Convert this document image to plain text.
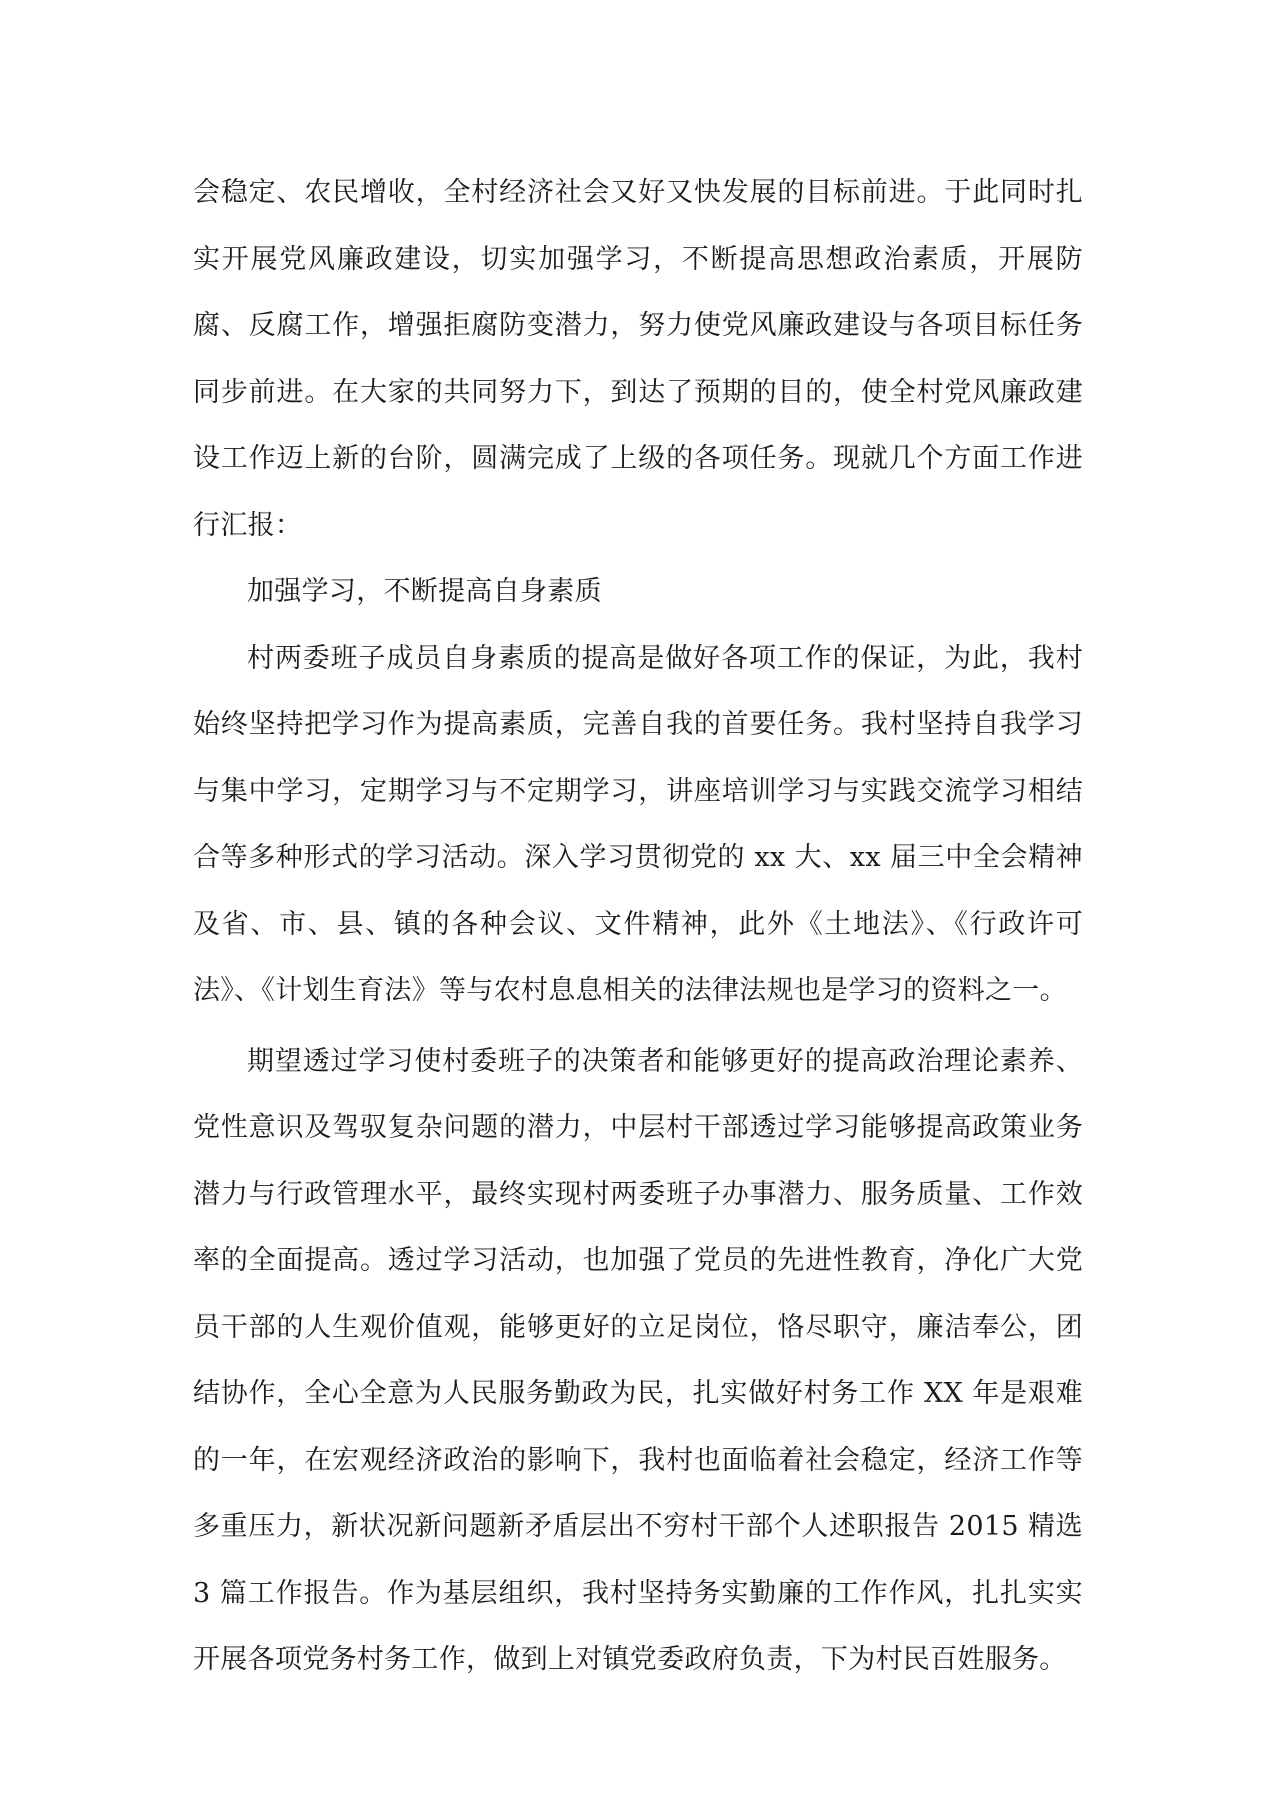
会稳定、农民增收，全村经济社会又好又快发展的目标前进。于此同时扎实开展党风廉政建设，切实加强学习，不断提高思想政治素质，开展防腐、反腐工作，增强拒腐防变潜力，努力使党风廉政建设与各项目标任务同步前进。在大家的共同努力下，到达了预期的目的，使全村党风廉政建设工作迈上新的台阶，圆满完成了上级的各项任务。现就几个方面工作进行汇报：

加强学习，不断提高自身素质

村两委班子成员自身素质的提高是做好各项工作的保证，为此，我村始终坚持把学习作为提高素质，完善自我的首要任务。我村坚持自我学习与集中学习，定期学习与不定期学习，讲座培训学习与实践交流学习相结合等多种形式的学习活动。深入学习贯彻党的 xx 大、xx 届三中全会精神及省、市、县、镇的各种会议、文件精神，此外《土地法》、《行政许可法》、《计划生育法》等与农村息息相关的法律法规也是学习的资料之一。

期望透过学习使村委班子的决策者和能够更好的提高政治理论素养、党性意识及驾驭复杂问题的潜力，中层村干部透过学习能够提高政策业务潜力与行政管理水平，最终实现村两委班子办事潜力、服务质量、工作效率的全面提高。透过学习活动，也加强了党员的先进性教育，净化广大党员干部的人生观价值观，能够更好的立足岗位，恪尽职守，廉洁奉公，团结协作，全心全意为人民服务勤政为民，扎实做好村务工作 XX 年是艰难的一年，在宏观经济政治的影响下，我村也面临着社会稳定，经济工作等多重压力，新状况新问题新矛盾层出不穷村干部个人述职报告 2015 精选 3 篇工作报告。作为基层组织，我村坚持务实勤廉的工作作风，扎扎实实开展各项党务村务工作，做到上对镇党委政府负责，下为村民百姓服务。
